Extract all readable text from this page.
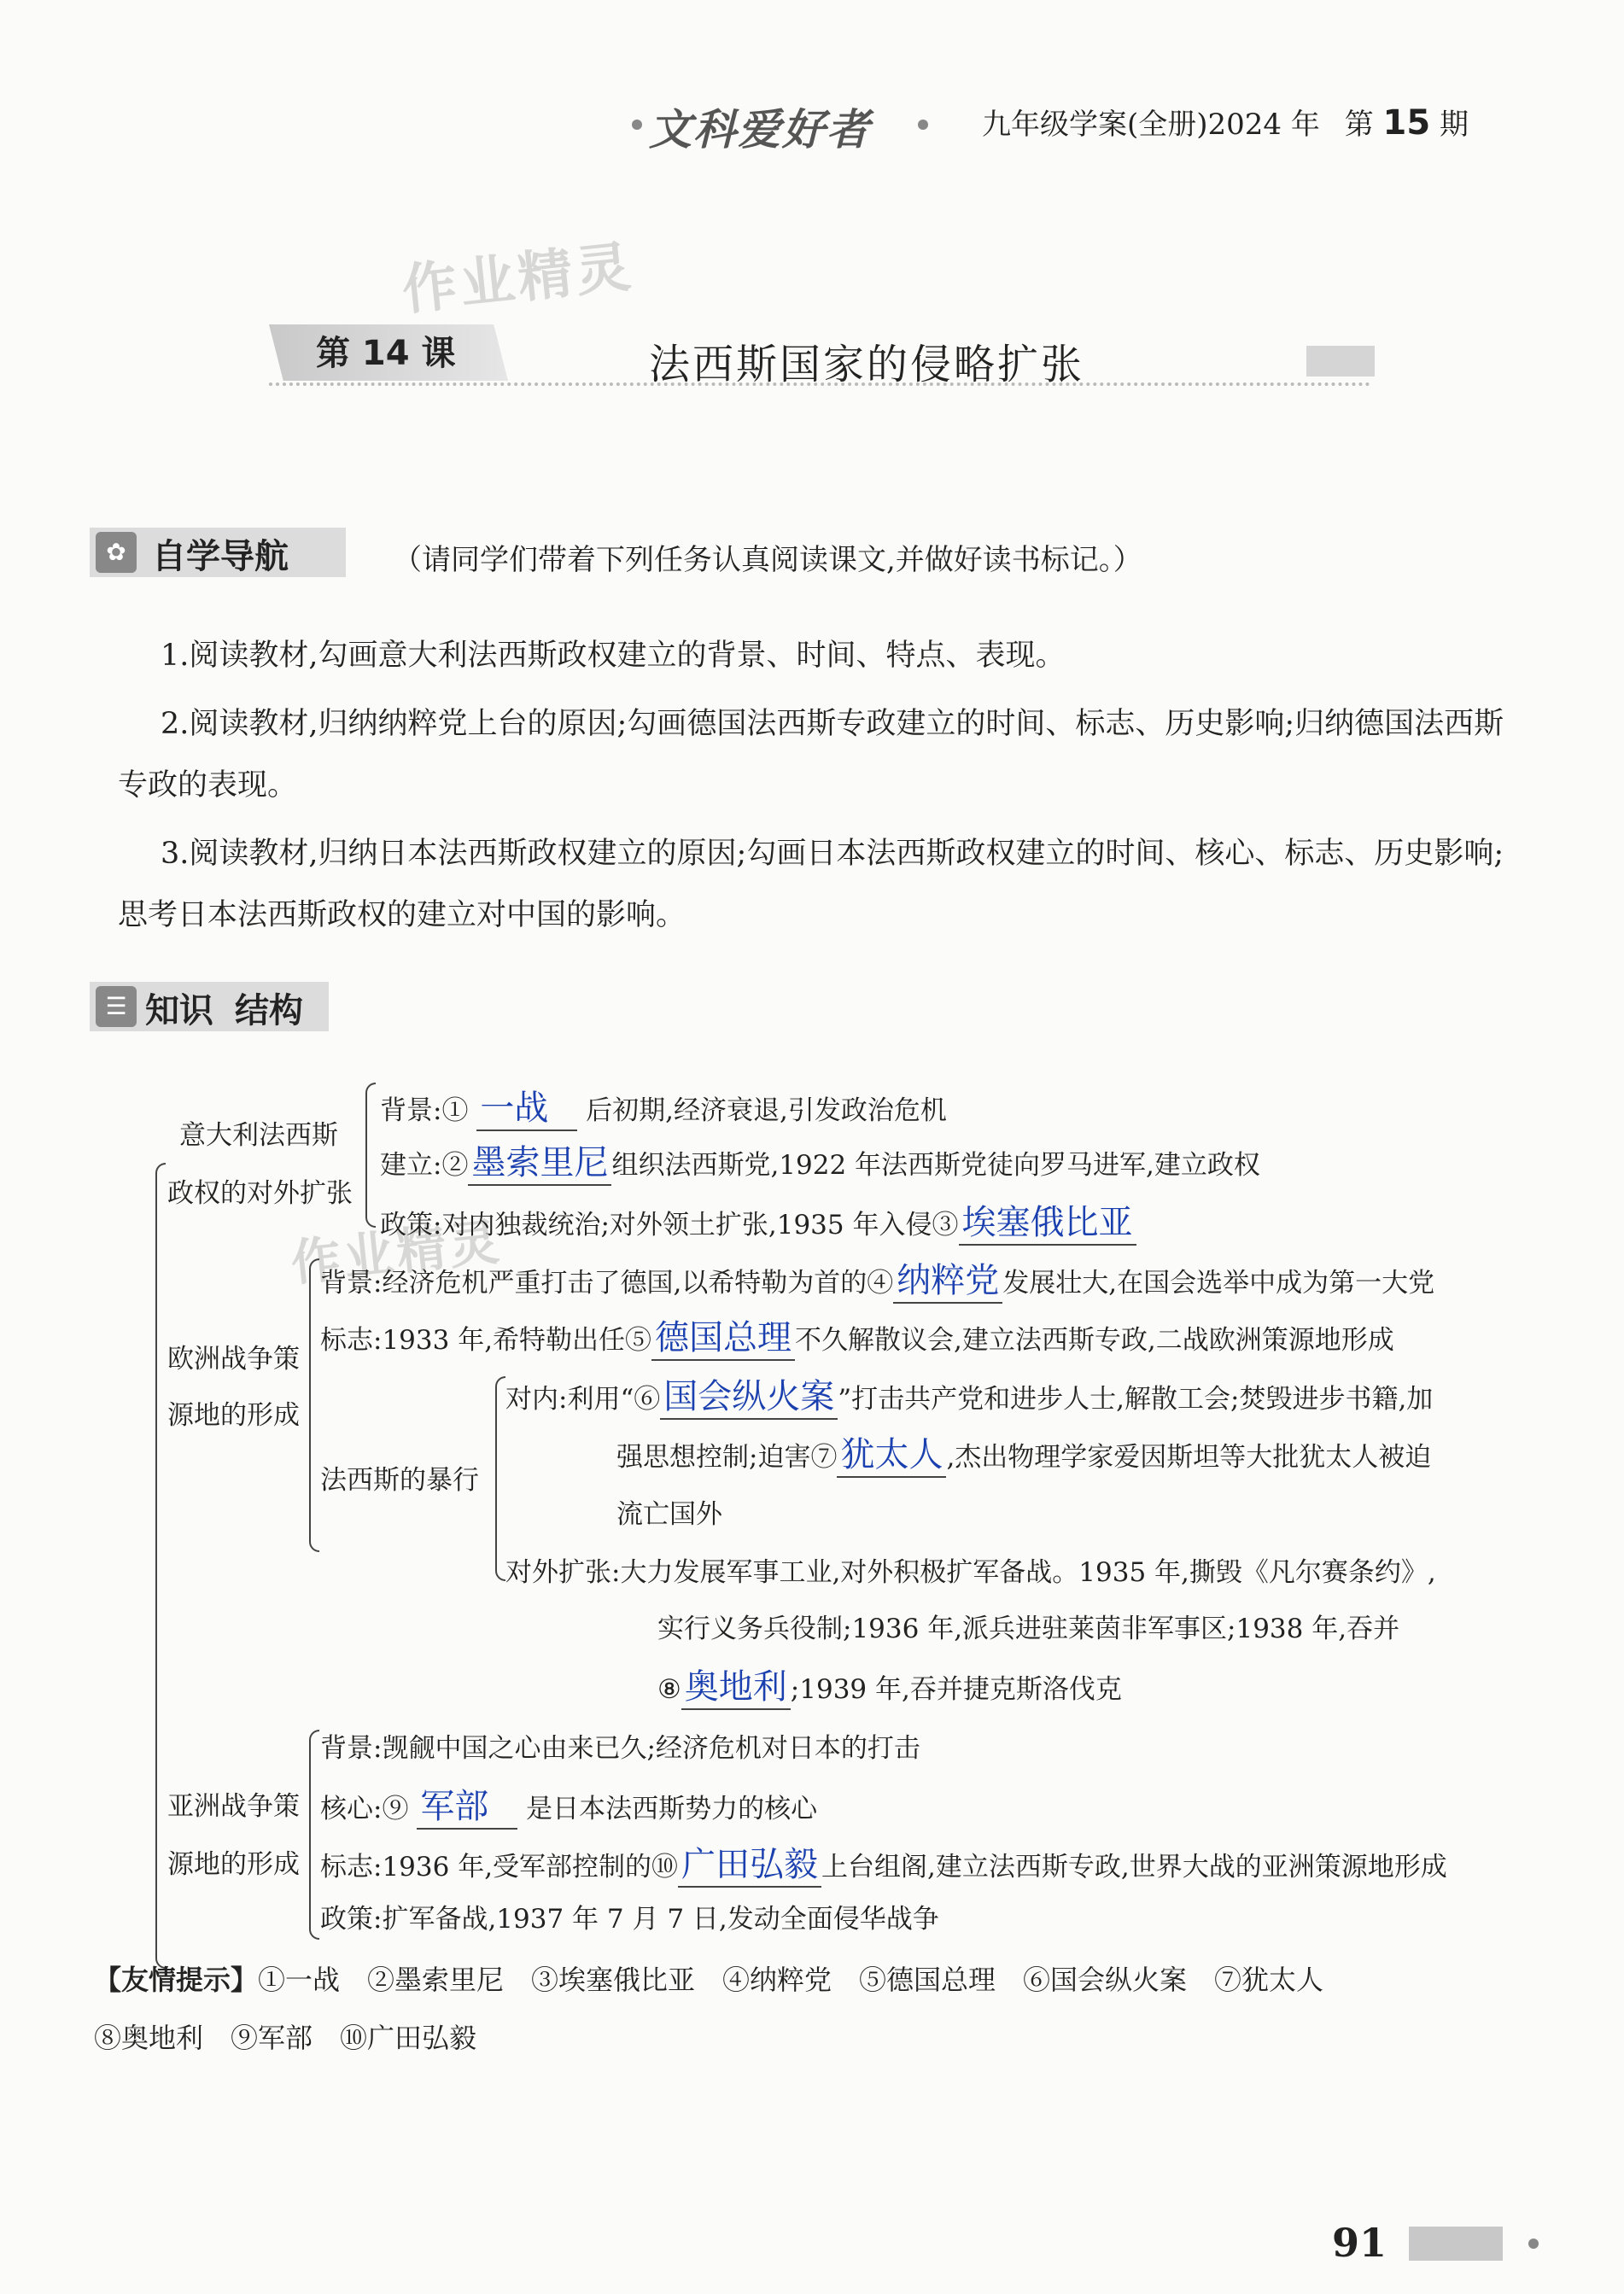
文科爱好者	九年级学案(全册)2024 年 第 15 期
作业精灵
作业精灵
第 14 课	法西斯国家的侵略扩张
✿ 自学导航	（请同学们带着下列任务认真阅读课文,并做好读书标记。）
1.阅读教材,勾画意大利法西斯政权建立的背景、时间、特点、表现。
2.阅读教材,归纳纳粹党上台的原因;勾画德国法西斯专政建立的时间、标志、历史影响;归纳德国法西斯专政的表现。
3.阅读教材,归纳日本法西斯政权建立的原因;勾画日本法西斯政权建立的时间、核心、标志、历史影响;思考日本法西斯政权的建立对中国的影响。
☰ 知识 结构
意大利法西斯
政权的对外扩张
背景:① 一战 后初期,经济衰退,引发政治危机
建立:② 墨索里尼 组织法西斯党,1922 年法西斯党徒向罗马进军,建立政权
政策:对内独裁统治;对外领土扩张,1935 年入侵③ 埃塞俄比亚
欧洲战争策
源地的形成
背景:经济危机严重打击了德国,以希特勒为首的④ 纳粹党 发展壮大,在国会选举中成为第一大党
标志:1933 年,希特勒出任⑤ 德国总理 不久解散议会,建立法西斯专政,二战欧洲策源地形成
法西斯的暴行
对内:利用“⑥ 国会纵火案 ”打击共产党和进步人士,解散工会;焚毁进步书籍,加
强思想控制;迫害⑦ 犹太人 ,杰出物理学家爱因斯坦等大批犹太人被迫
流亡国外
对外扩张:大力发展军事工业,对外积极扩军备战。1935 年,撕毁《凡尔赛条约》,
实行义务兵役制;1936 年,派兵进驻莱茵非军事区;1938 年,吞并
⑧ 奥地利 ;1939 年,吞并捷克斯洛伐克
亚洲战争策
源地的形成
背景:觊觎中国之心由来已久;经济危机对日本的打击
核心:⑨ 军部 是日本法西斯势力的核心
标志:1936 年,受军部控制的⑩ 广田弘毅 上台组阁,建立法西斯专政,世界大战的亚洲策源地形成
政策:扩军备战,1937 年 7 月 7 日,发动全面侵华战争
【友情提示】①一战　②墨索里尼　③埃塞俄比亚　④纳粹党　⑤德国总理　⑥国会纵火案　⑦犹太人
⑧奥地利　⑨军部　⑩广田弘毅
91
